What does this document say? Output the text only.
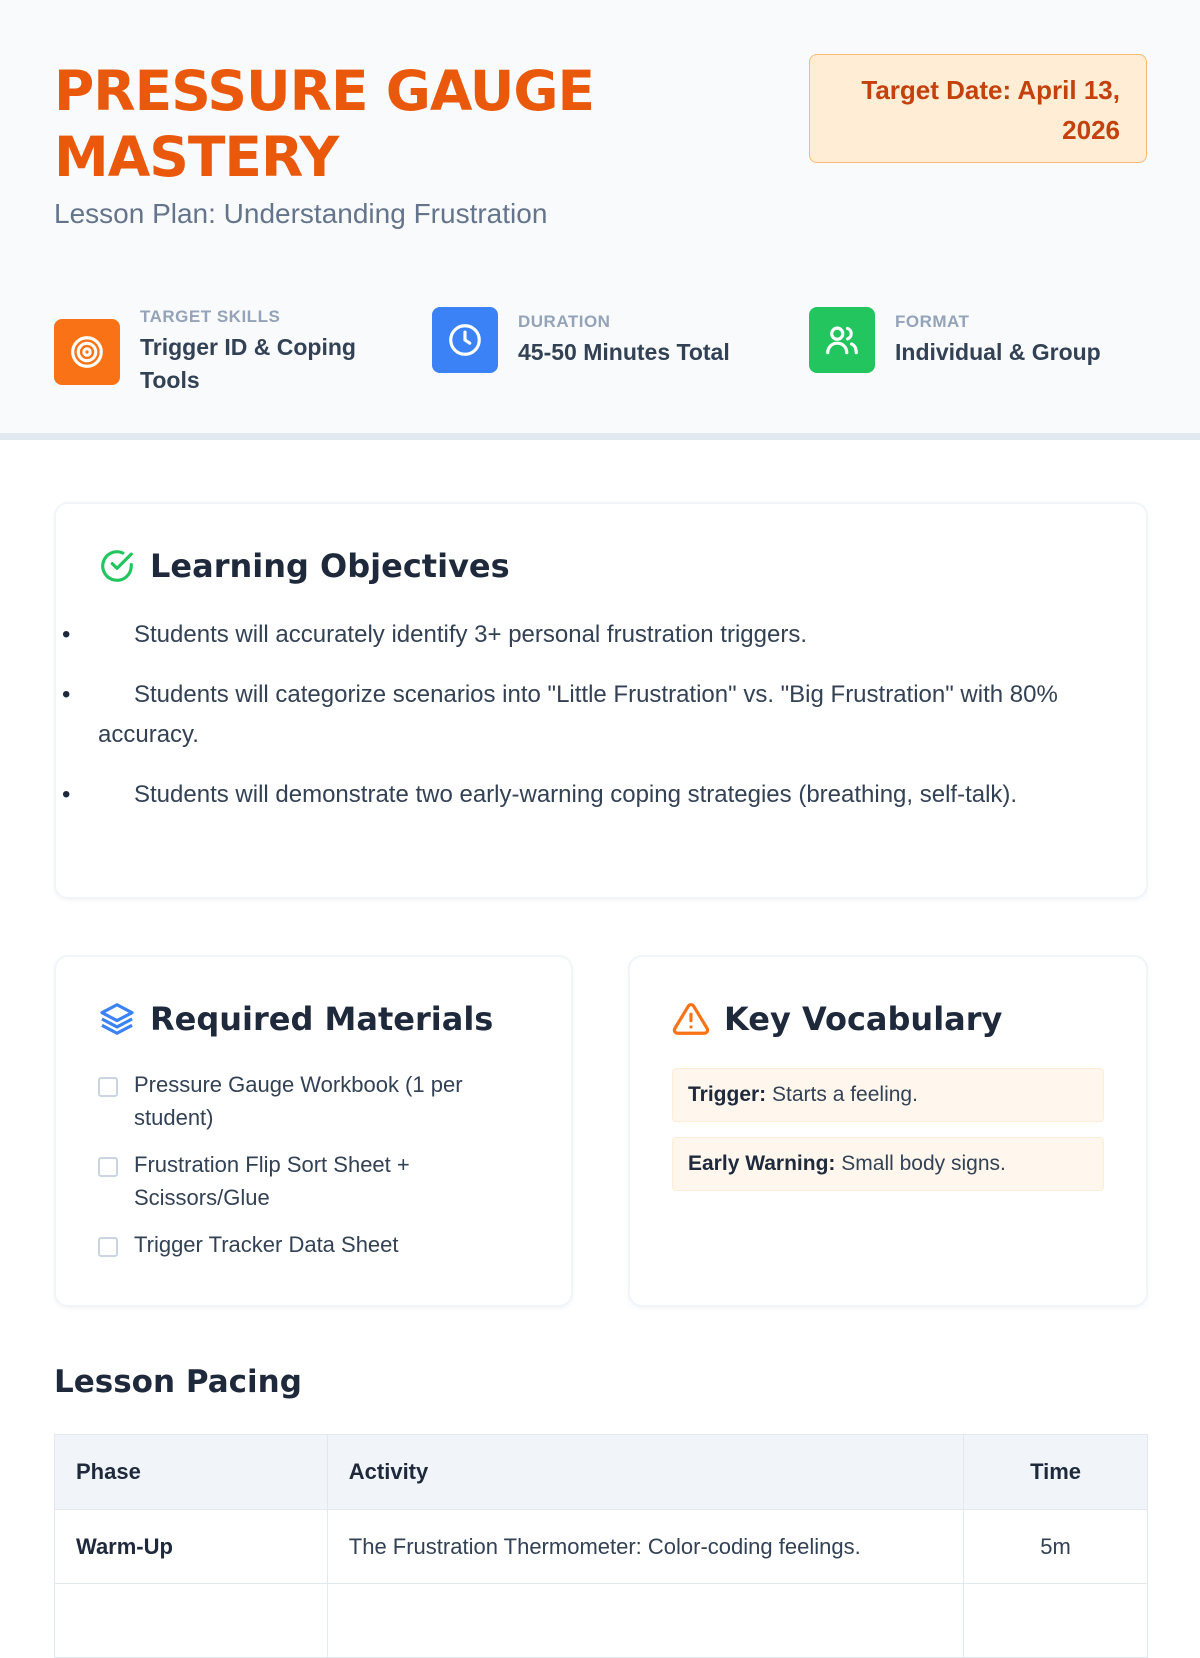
PRESSURE GAUGE MASTERY
Lesson Plan: Understanding Frustration
Target Date: April 13, 2026
TARGET SKILLS
Trigger ID & Coping Tools
DURATION
45-50 Minutes Total
FORMAT
Individual & Group
Learning Objectives
• Students will accurately identify 3+ personal frustration triggers.
• Students will categorize scenarios into "Little Frustration" vs. "Big Frustration" with 80% accuracy.
• Students will demonstrate two early-warning coping strategies (breathing, self-talk).
Required Materials
Pressure Gauge Workbook (1 per student)
Frustration Flip Sort Sheet + Scissors/Glue
Trigger Tracker Data Sheet
Key Vocabulary
Trigger: Starts a feeling.
Early Warning: Small body signs.
Lesson Pacing
Phase	Activity	Time
Warm-Up	The Frustration Thermometer: Color-coding feelings.	5m
